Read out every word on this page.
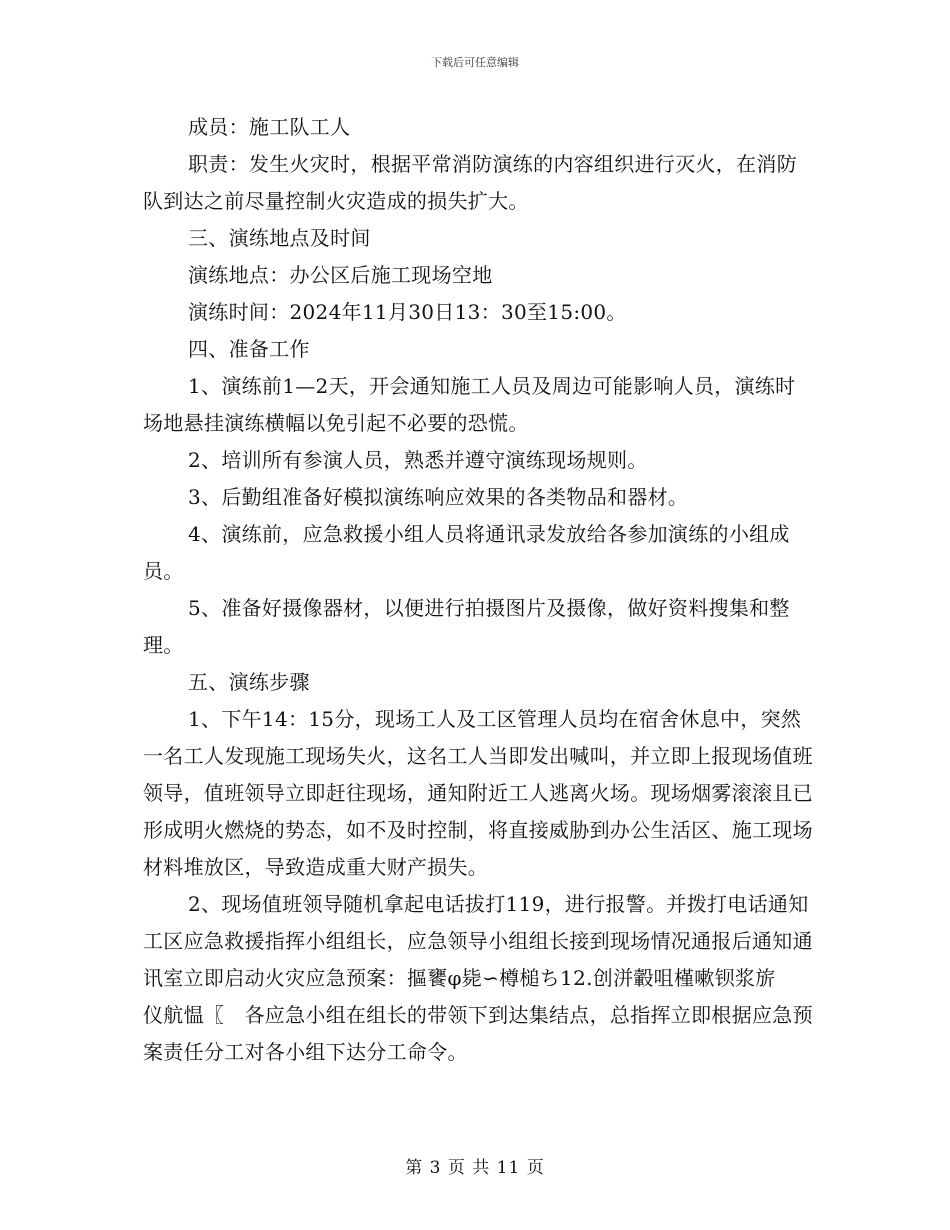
下载后可任意编辑

成员：施工队工人

职责：发生火灾时，根据平常消防演练的内容组织进行灭火，在消防队到达之前尽量控制火灾造成的损失扩大。

三、演练地点及时间

演练地点：办公区后施工现场空地

演练时间：2024年11月30日13：30至15:00。

四、准备工作

1、演练前1—2天，开会通知施工人员及周边可能影响人员，演练时场地悬挂演练横幅以免引起不必要的恐慌。

2、培训所有参演人员，熟悉并遵守演练现场规则。

3、后勤组准备好模拟演练响应效果的各类物品和器材。

4、演练前，应急救援小组人员将通讯录发放给各参加演练的小组成员。

5、准备好摄像器材，以便进行拍摄图片及摄像，做好资料搜集和整理。

五、演练步骤

1、下午14：15分，现场工人及工区管理人员均在宿舍休息中，突然一名工人发现施工现场失火，这名工人当即发出喊叫，并立即上报现场值班领导，值班领导立即赶往现场，通知附近工人逃离火场。现场烟雾滚滚且已形成明火燃烧的势态，如不及时控制，将直接威胁到办公生活区、施工现场材料堆放区，导致造成重大财产损失。

2、现场值班领导随机拿起电话拔打119，进行报警。并拨打电话通知工区应急救援指挥小组组长，应急领导小组组长接到现场情况通报后通知通讯室立即启动火灾应急预案：摳饔φ毙∽樽槌ち12.创洴轂咀槿嗽钡浆旂　仪航愠〖　各应急小组在组长的带领下到达集结点，总指挥立即根据应急预案责任分工对各小组下达分工命令。

第 3 页 共 11 页
